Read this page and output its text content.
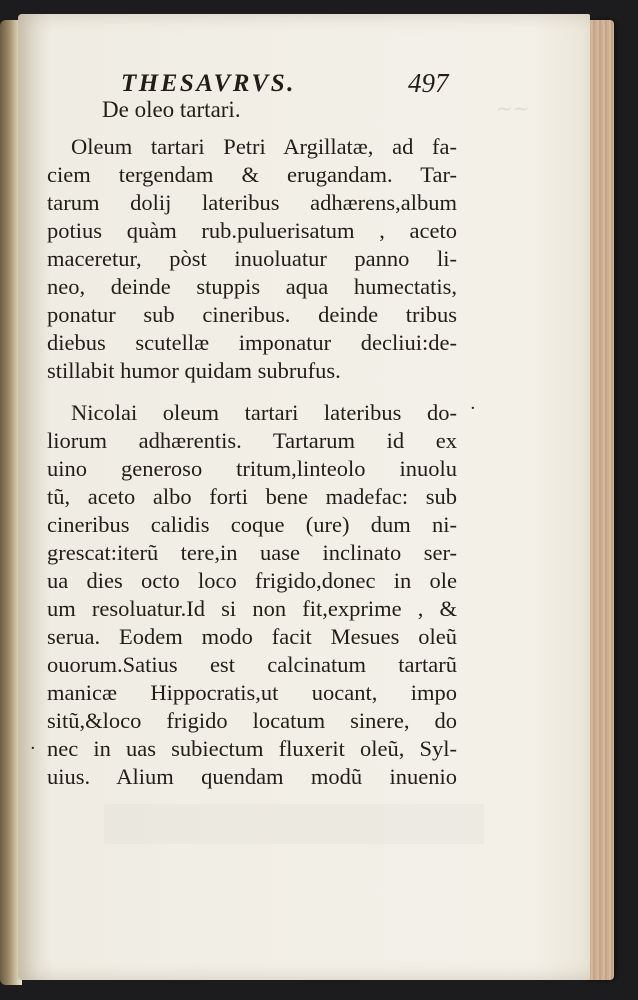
~~
THESAVRVS.	497
De oleo tartari.
Oleum tartari Petri Argillatæ, ad fa-
ciem tergendam & erugandam. Tar-
tarum dolij lateribus adhærens,album
potius quàm rub.puluerisatum , aceto
maceretur, pòst inuoluatur panno li-
neo, deinde stuppis aqua humectatis,
ponatur sub cineribus. deinde tribus
diebus scutellæ imponatur decliui:de-
stillabit humor quidam subrufus.
Nicolai oleum tartari lateribus do-
liorum adhærentis. Tartarum id ex
uino generoso tritum,linteolo inuolu
tũ, aceto albo forti bene madefac: sub
cineribus calidis coque (ure) dum ni-
grescat:iterũ tere,in uase inclinato ser-
ua dies octo loco frigido,donec in ole
um resoluatur.Id si non fit,exprime , &
serua. Eodem modo facit Mesues oleũ
ouorum.Satius est calcinatum tartarũ
manicæ Hippocratis,ut uocant, impo
sitũ,&loco frigido locatum sinere, do
nec in uas subiectum fluxerit oleũ, Syl-
uius. Alium quendam modũ inuenio
·
·
